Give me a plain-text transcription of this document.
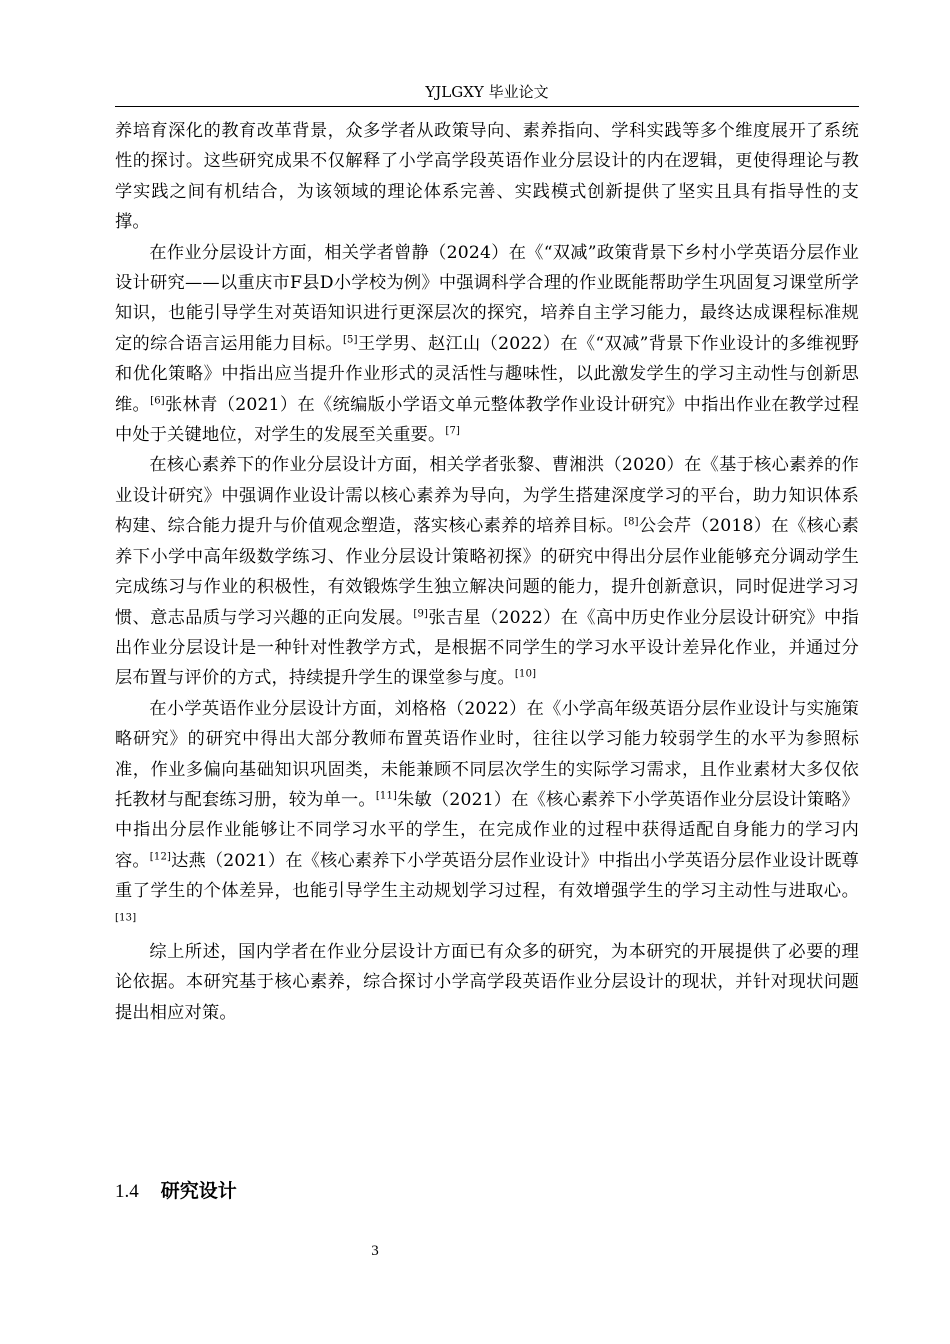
YJLGXY 毕业论文

养培育深化的教育改革背景，众多学者从政策导向、素养指向、学科实践等多个维度展开了系统性的探讨。这些研究成果不仅解释了小学高学段英语作业分层设计的内在逻辑，更使得理论与教学实践之间有机结合，为该领域的理论体系完善、实践模式创新提供了坚实且具有指导性的支撑。

在作业分层设计方面，相关学者曾静（2024）在《“双减”政策背景下乡村小学英语分层作业设计研究——以重庆市F县D小学校为例》中强调科学合理的作业既能帮助学生巩固复习课堂所学知识，也能引导学生对英语知识进行更深层次的探究，培养自主学习能力，最终达成课程标准规定的综合语言运用能力目标。[5]王学男、赵江山（2022）在《“双减”背景下作业设计的多维视野和优化策略》中指出应当提升作业形式的灵活性与趣味性，以此激发学生的学习主动性与创新思维。[6]张林青（2021）在《统编版小学语文单元整体教学作业设计研究》中指出作业在教学过程中处于关键地位，对学生的发展至关重要。[7]

在核心素养下的作业分层设计方面，相关学者张黎、曹湘洪（2020）在《基于核心素养的作业设计研究》中强调作业设计需以核心素养为导向，为学生搭建深度学习的平台，助力知识体系构建、综合能力提升与价值观念塑造，落实核心素养的培养目标。[8]公会芹（2018）在《核心素养下小学中高年级数学练习、作业分层设计策略初探》的研究中得出分层作业能够充分调动学生完成练习与作业的积极性，有效锻炼学生独立解决问题的能力，提升创新意识，同时促进学习习惯、意志品质与学习兴趣的正向发展。[9]张吉星（2022）在《高中历史作业分层设计研究》中指出作业分层设计是一种针对性教学方式，是根据不同学生的学习水平设计差异化作业，并通过分层布置与评价的方式，持续提升学生的课堂参与度。[10]

在小学英语作业分层设计方面，刘格格（2022）在《小学高年级英语分层作业设计与实施策略研究》的研究中得出大部分教师布置英语作业时，往往以学习能力较弱学生的水平为参照标准，作业多偏向基础知识巩固类，未能兼顾不同层次学生的实际学习需求，且作业素材大多仅依托教材与配套练习册，较为单一。[11]朱敏（2021）在《核心素养下小学英语作业分层设计策略》中指出分层作业能够让不同学习水平的学生，在完成作业的过程中获得适配自身能力的学习内容。[12]达燕（2021）在《核心素养下小学英语分层作业设计》中指出小学英语分层作业设计既尊重了学生的个体差异，也能引导学生主动规划学习过程，有效增强学生的学习主动性与进取心。[13]

综上所述，国内学者在作业分层设计方面已有众多的研究，为本研究的开展提供了必要的理论依据。本研究基于核心素养，综合探讨小学高学段英语作业分层设计的现状，并针对现状问题提出相应对策。

1.4 研究设计
3
